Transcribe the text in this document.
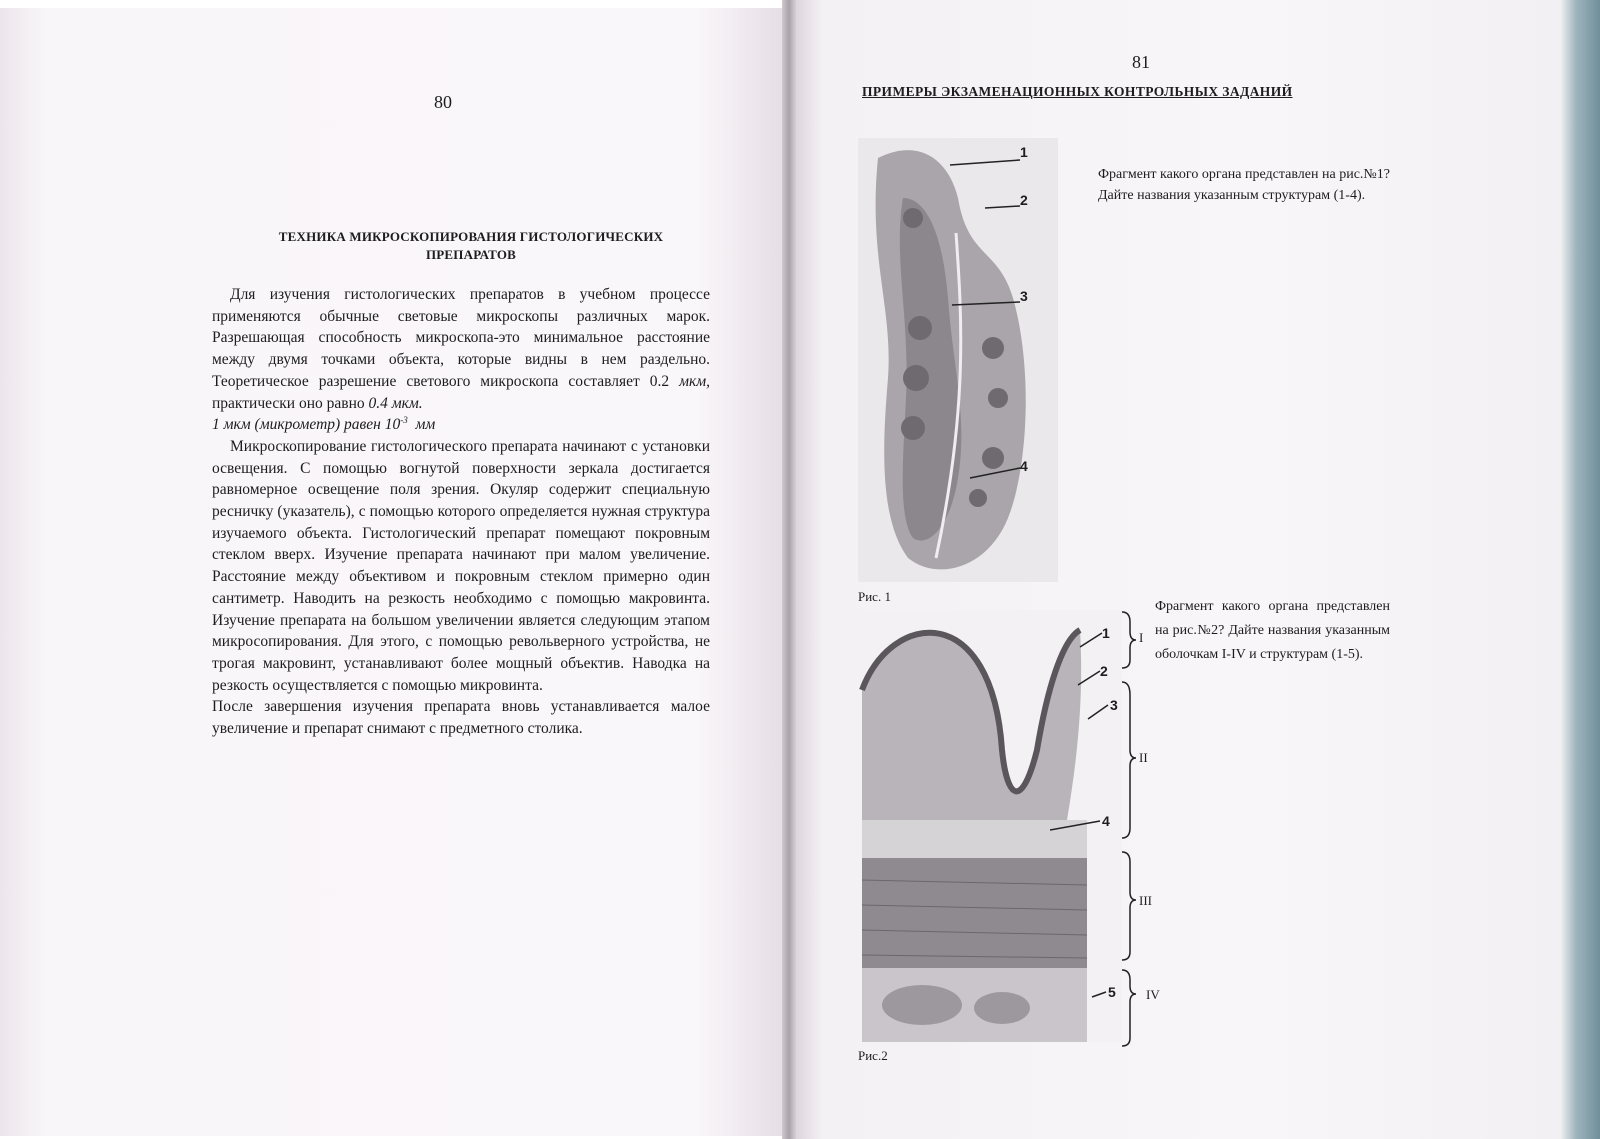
80
ТЕХНИКА МИКРОСКОПИРОВАНИЯ ГИСТОЛОГИЧЕСКИХ
ПРЕПАРАТОВ

Для изучения гистологических препаратов в учебном процессе применяются обычные световые микроскопы различных марок. Разрешающая способность микроскопа-это минимальное расстояние между двумя точками объекта, которые видны в нем раздельно. Теоретическое разрешение светового микроскопа составляет 0.2 мкм, практически оно равно 0.4 мкм.

1 мкм (микрометр) равен $10^{-3}$ мм

Микроскопирование гистологического препарата начинают с установки освещения. С помощью вогнутой поверхности зеркала достигается равномерное освещение поля зрения. Окуляр содержит специальную ресничку (указатель), с помощью которого определяется нужная структура изучаемого объекта. Гистологический препарат помещают покровным стеклом вверх. Изучение препарата начинают при малом увеличение. Расстояние между объективом и покровным стеклом примерно один сантиметр. Наводить на резкость необходимо с помощью макровинта. Изучение препарата на большом увеличении является следующим этапом микросопирования. Для этого, с помощью револьверного устройства, не трогая макровинт, устанавливают более мощный объектив. Наводка на резкость осуществляется с помощью микровинта.

После завершения изучения препарата вновь устанавливается малое увеличение и препарат снимают с предметного столика.

81
ПРИМЕРЫ ЭКЗАМЕНАЦИОННЫХ КОНТРОЛЬНЫХ ЗАДАНИЙ
Фрагмент какого органа представлен на рис.№1? Дайте названия указанным структурам (1-4).
Фрагмент какого органа представлен на рис.№2? Дайте названия указанным оболочкам I-IV и структурам (1-5).
1
2
3
4
Рис. 1
I
II
III
IV
1
2
3
4
5
Рис.2
